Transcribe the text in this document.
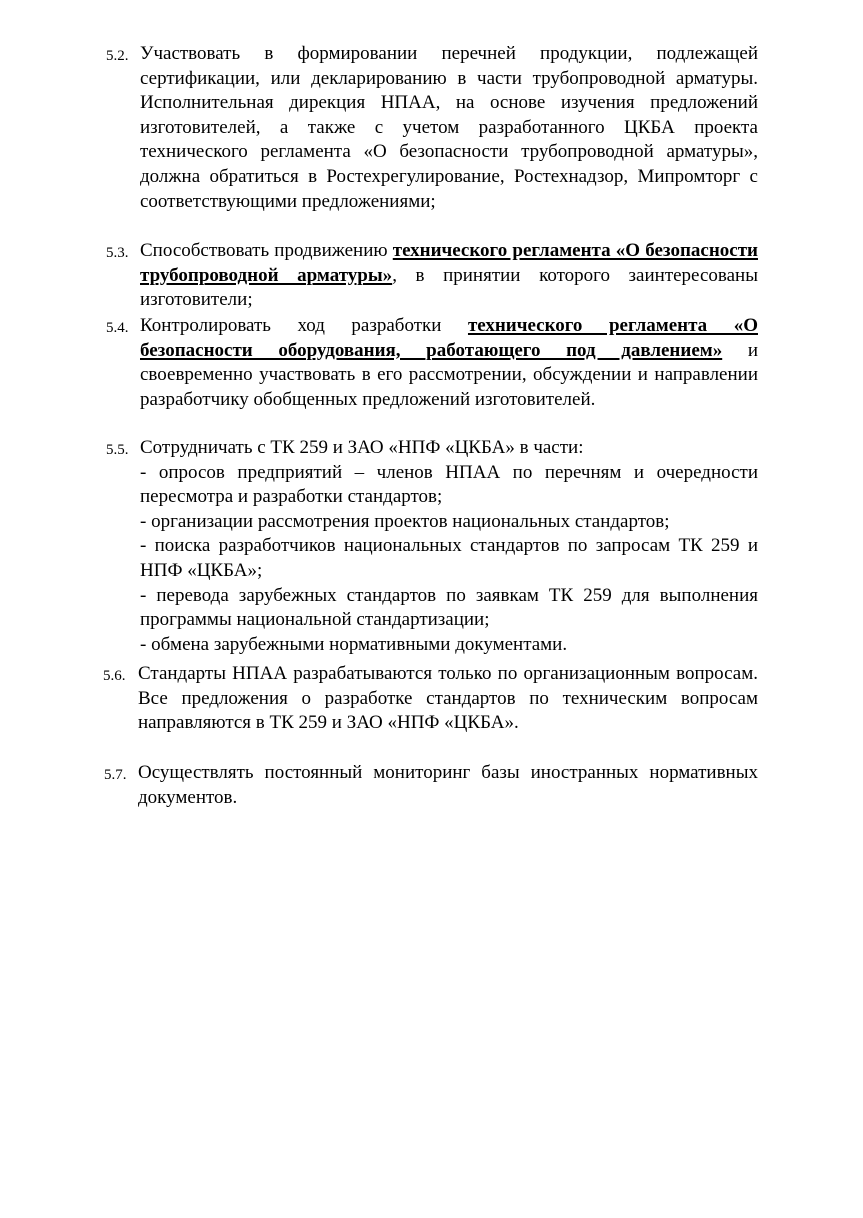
5.2. Участвовать в формировании перечней продукции, подлежащей сертификации, или декларированию в части трубопроводной арматуры. Исполнительная дирекция НПАА, на основе изучения предложений изготовителей, а также с учетом разработанного ЦКБА проекта технического регламента «О безопасности трубопроводной арматуры», должна обратиться в Ростехрегулирование, Ростехнадзор, Мипромторг с соответствующими предложениями;
5.3. Способствовать продвижению технического регламента «О безопасности трубопроводной арматуры», в принятии которого заинтересованы изготовители;
5.4. Контролировать ход разработки технического регламента «О безопасности оборудования, работающего под давлением» и своевременно участвовать в его рассмотрении, обсуждении и направлении разработчику обобщенных предложений изготовителей.
5.5. Сотрудничать с ТК 259 и ЗАО «НПФ «ЦКБА» в части:
- опросов предприятий – членов НПАА по перечням и очередности пересмотра и разработки стандартов;
- организации рассмотрения проектов национальных стандартов;
- поиска разработчиков национальных стандартов по запросам ТК 259 и НПФ «ЦКБА»;
- перевода зарубежных стандартов по заявкам ТК 259 для выполнения программы национальной стандартизации;
- обмена зарубежными нормативными документами.
5.6. Стандарты НПАА разрабатываются только по организационным вопросам. Все предложения о разработке стандартов по техническим вопросам направляются в ТК 259 и ЗАО «НПФ «ЦКБА».
5.7. Осуществлять постоянный мониторинг базы иностранных нормативных документов.
